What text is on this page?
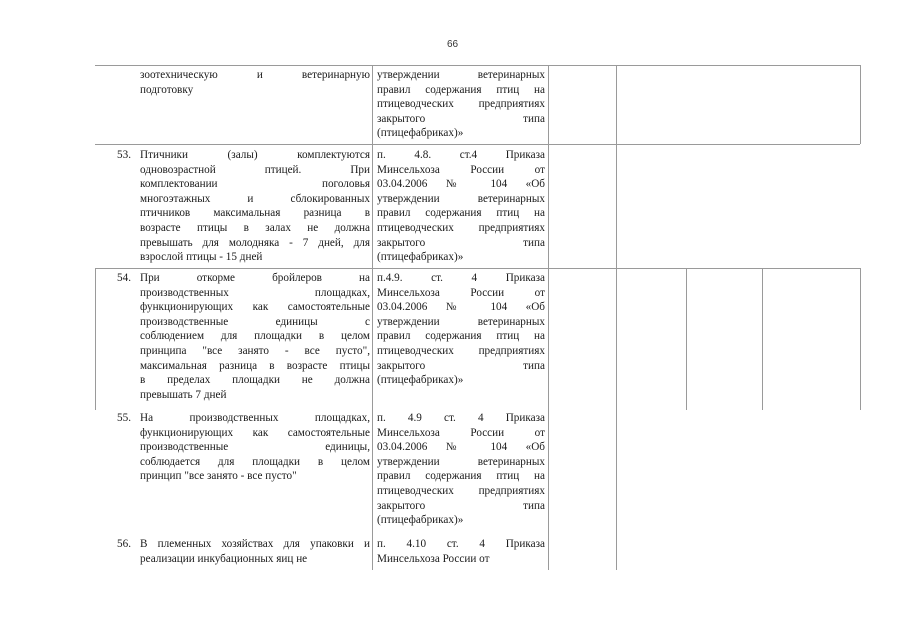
66
зоотехническую и ветеринарную
подготовку
утверждении ветеринарных
правил содержания птиц на
птицеводческих предприятиях
закрытого типа
(птицефабриках)»
53. Птичники (залы) комплектуются
одновозрастной птицей. При
комплектовании поголовья
многоэтажных и сблокированных
птичников максимальная разница в
возрасте птицы в залах не должна
превышать для молодняка - 7 дней, для
взрослой птицы - 15 дней
п. 4.8. ст.4 Приказа
Минсельхоза России от
03.04.2006 № 104 «Об
утверждении ветеринарных
правил содержания птиц на
птицеводческих предприятиях
закрытого типа
(птицефабриках)»
54. При откорме бройлеров на
производственных площадках,
функционирующих как самостоятельные
производственные единицы с
соблюдением для площадки в целом
принципа "все занято - все пусто",
максимальная разница в возрасте птицы
в пределах площадки не должна
превышать 7 дней
п.4.9. ст. 4 Приказа
Минсельхоза России от
03.04.2006 № 104 «Об
утверждении ветеринарных
правил содержания птиц на
птицеводческих предприятиях
закрытого типа
(птицефабриках)»
55. На производственных площадках,
функционирующих как самостоятельные
производственные единицы,
соблюдается для площадки в целом
принцип "все занято - все пусто"
п. 4.9 ст. 4 Приказа
Минсельхоза России от
03.04.2006 № 104 «Об
утверждении ветеринарных
правил содержания птиц на
птицеводческих предприятиях
закрытого типа
(птицефабриках)»
56. В племенных хозяйствах для упаковки и
реализации инкубационных яиц не
п. 4.10 ст. 4 Приказа
Минсельхоза России от
